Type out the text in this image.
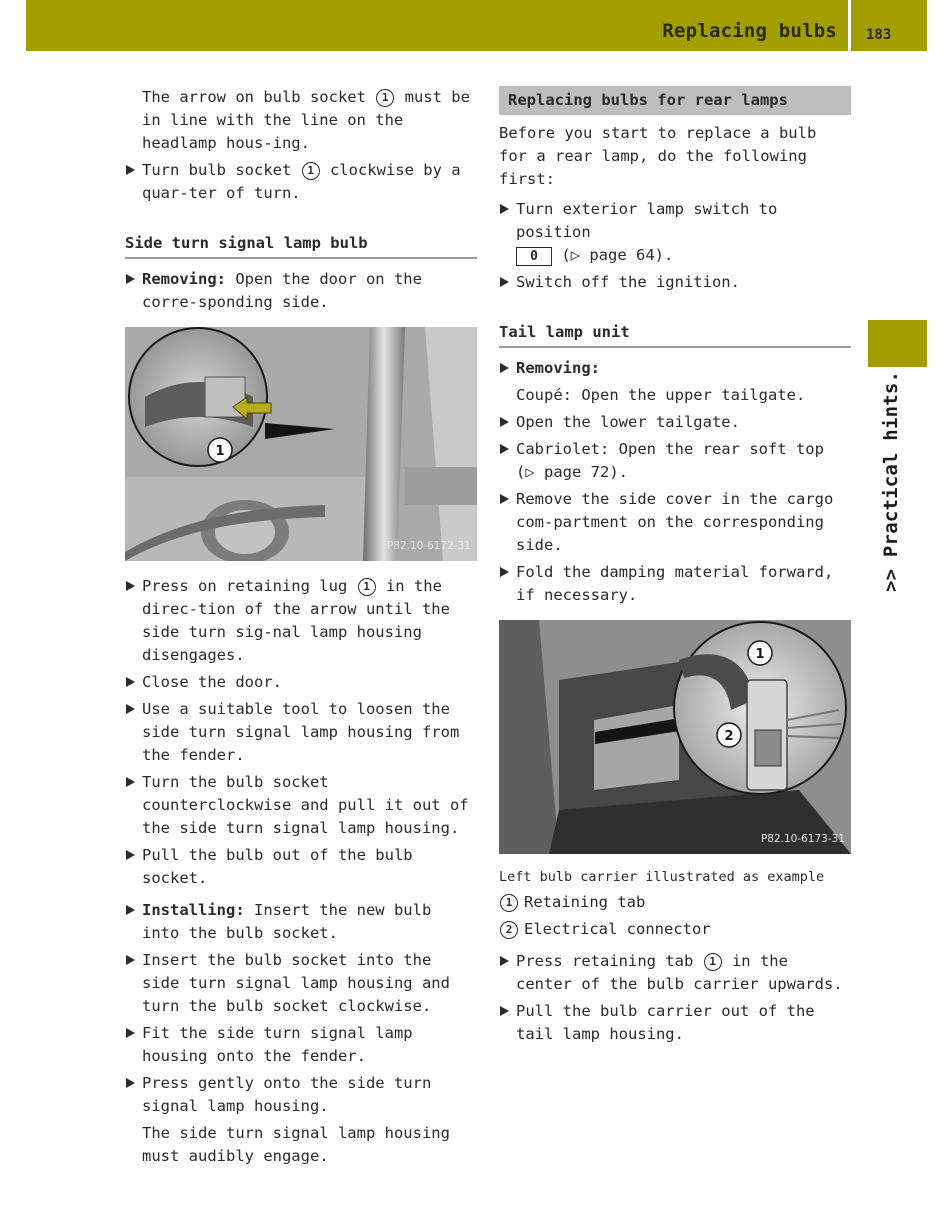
Replacing bulbs 183
>> Practical hints.

The arrow on bulb socket 1 must be in line with the line on the headlamp hous-ing.

Turn bulb socket 1 clockwise by a quar-ter of turn.

Side turn signal lamp bulb

Removing: Open the door on the corre-sponding side.

1
P82.10-6172-31

Press on retaining lug 1 in the direc-tion of the arrow until the side turn sig-nal lamp housing disengages.

Close the door.

Use a suitable tool to loosen the side turn signal lamp housing from the fender.

Turn the bulb socket counterclockwise and pull it out of the side turn signal lamp housing.

Pull the bulb out of the bulb socket.

Installing: Insert the new bulb into the bulb socket.

Insert the bulb socket into the side turn signal lamp housing and turn the bulb socket clockwise.

Fit the side turn signal lamp housing onto the fender.

Press gently onto the side turn signal lamp housing.

The side turn signal lamp housing must audibly engage.

Replacing bulbs for rear lamps

Before you start to replace a bulb for a rear lamp, do the following first:

Turn exterior lamp switch to position
0 (▷ page 64).

Switch off the ignition.

Tail lamp unit

Removing:

Coupé: Open the upper tailgate.

Open the lower tailgate.

Cabriolet: Open the rear soft top (▷ page 72).

Remove the side cover in the cargo com-partment on the corresponding side.

Fold the damping material forward, if necessary.

1
2
P82.10-6173-31

Left bulb carrier illustrated as example

1 Retaining tab

2 Electrical connector

Press retaining tab 1 in the center of the bulb carrier upwards.

Pull the bulb carrier out of the tail lamp housing.
